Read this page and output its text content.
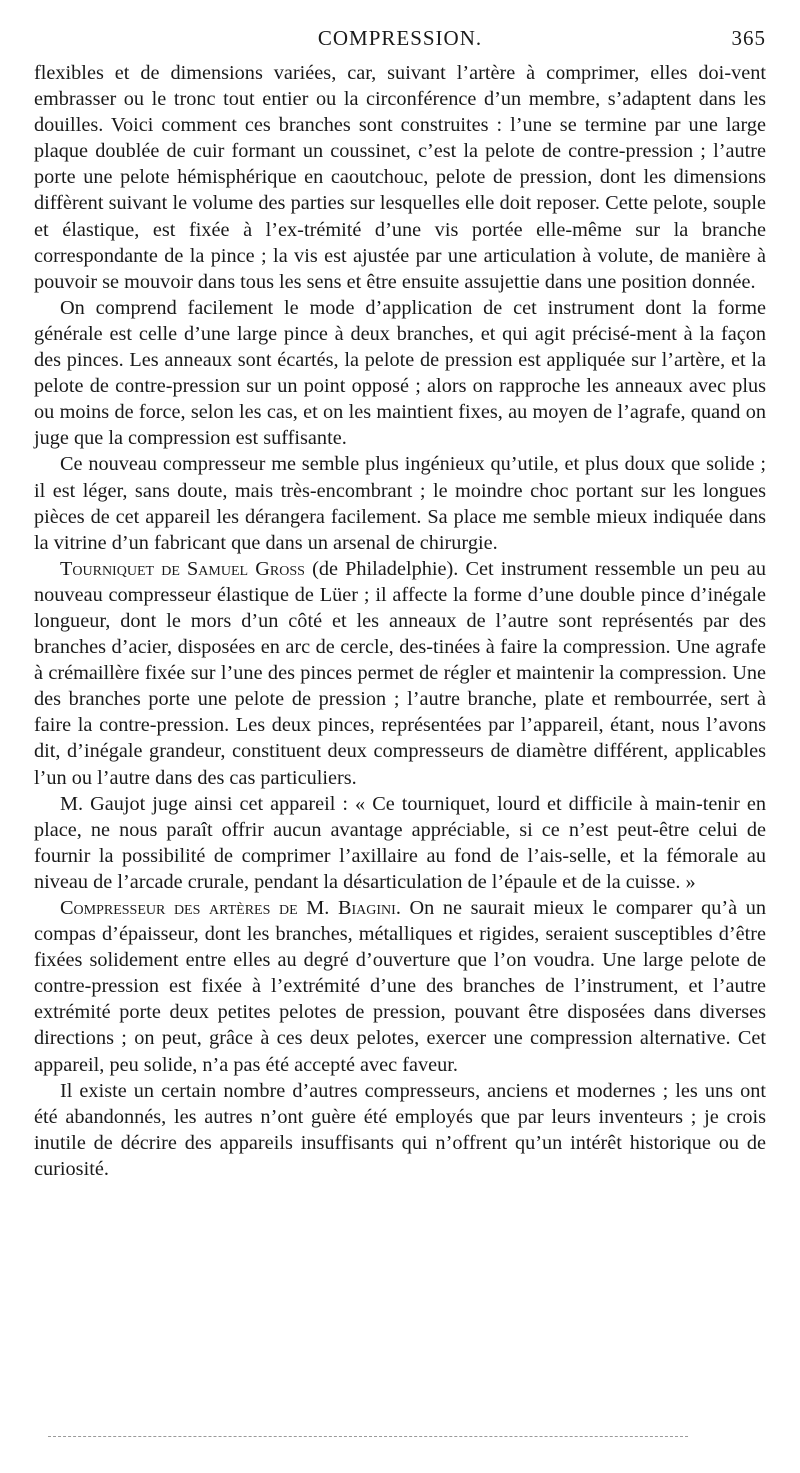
COMPRESSION.	365

flexibles et de dimensions variées, car, suivant l’artère à comprimer, elles doi-vent embrasser ou le tronc tout entier ou la circonférence d’un membre, s’adaptent dans les douilles. Voici comment ces branches sont construites : l’une se termine par une large plaque doublée de cuir formant un coussinet, c’est la pelote de contre-pression ; l’autre porte une pelote hémisphérique en caoutchouc, pelote de pression, dont les dimensions diffèrent suivant le volume des parties sur lesquelles elle doit reposer. Cette pelote, souple et élastique, est fixée à l’ex-trémité d’une vis portée elle-même sur la branche correspondante de la pince ; la vis est ajustée par une articulation à volute, de manière à pouvoir se mouvoir dans tous les sens et être ensuite assujettie dans une position donnée.

On comprend facilement le mode d’application de cet instrument dont la forme générale est celle d’une large pince à deux branches, et qui agit précisé-ment à la façon des pinces. Les anneaux sont écartés, la pelote de pression est appliquée sur l’artère, et la pelote de contre-pression sur un point opposé ; alors on rapproche les anneaux avec plus ou moins de force, selon les cas, et on les maintient fixes, au moyen de l’agrafe, quand on juge que la compression est suffisante.

Ce nouveau compresseur me semble plus ingénieux qu’utile, et plus doux que solide ; il est léger, sans doute, mais très-encombrant ; le moindre choc portant sur les longues pièces de cet appareil les dérangera facilement. Sa place me semble mieux indiquée dans la vitrine d’un fabricant que dans un arsenal de chirurgie.

Tourniquet de Samuel Gross (de Philadelphie). Cet instrument ressemble un peu au nouveau compresseur élastique de Lüer ; il affecte la forme d’une double pince d’inégale longueur, dont le mors d’un côté et les anneaux de l’autre sont représentés par des branches d’acier, disposées en arc de cercle, des-tinées à faire la compression. Une agrafe à crémaillère fixée sur l’une des pinces permet de régler et maintenir la compression. Une des branches porte une pelote de pression ; l’autre branche, plate et rembourrée, sert à faire la contre-pression. Les deux pinces, représentées par l’appareil, étant, nous l’avons dit, d’inégale grandeur, constituent deux compresseurs de diamètre différent, applicables l’un ou l’autre dans des cas particuliers.

M. Gaujot juge ainsi cet appareil : « Ce tourniquet, lourd et difficile à main-tenir en place, ne nous paraît offrir aucun avantage appréciable, si ce n’est peut-être celui de fournir la possibilité de comprimer l’axillaire au fond de l’ais-selle, et la fémorale au niveau de l’arcade crurale, pendant la désarticulation de l’épaule et de la cuisse. »

Compresseur des artères de M. Biagini. On ne saurait mieux le comparer qu’à un compas d’épaisseur, dont les branches, métalliques et rigides, seraient susceptibles d’être fixées solidement entre elles au degré d’ouverture que l’on voudra. Une large pelote de contre-pression est fixée à l’extrémité d’une des branches de l’instrument, et l’autre extrémité porte deux petites pelotes de pression, pouvant être disposées dans diverses directions ; on peut, grâce à ces deux pelotes, exercer une compression alternative. Cet appareil, peu solide, n’a pas été accepté avec faveur.

Il existe un certain nombre d’autres compresseurs, anciens et modernes ; les uns ont été abandonnés, les autres n’ont guère été employés que par leurs inventeurs ; je crois inutile de décrire des appareils insuffisants qui n’offrent qu’un intérêt historique ou de curiosité.
